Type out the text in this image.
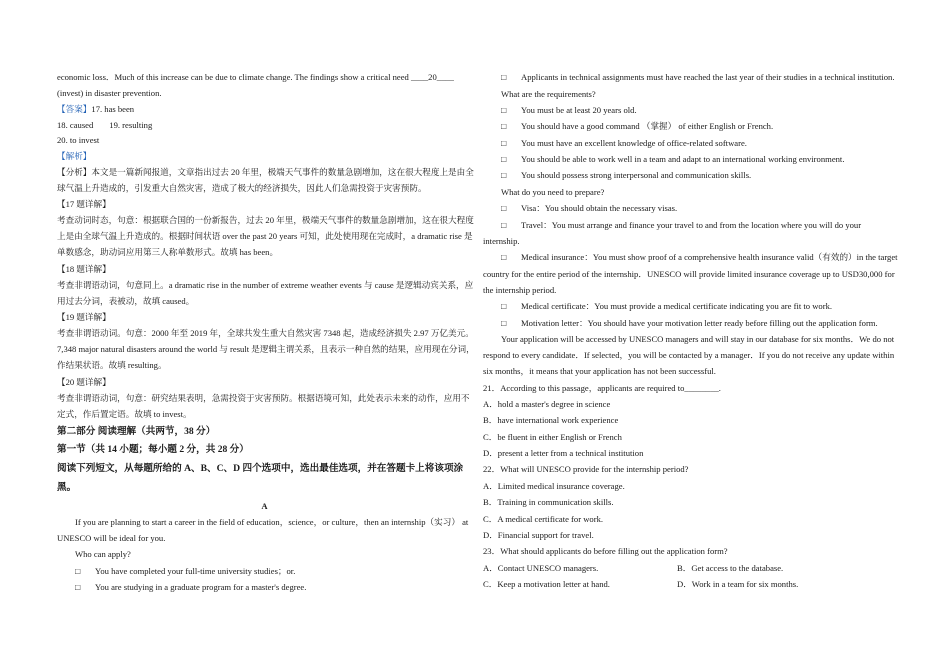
economic loss．Much of this increase can be due to climate change. The findings show a critical need ____20____
(invest) in disaster prevention.
【答案】17. has been
18. caused 19. resulting
20. to invest
【解析】
【分析】本文是一篇新闻报道，文章指出过去 20 年里，极端天气事件的数量急剧增加，这在很大程度上是由全
球气温上升造成的，引发重大自然灾害，造成了极大的经济损失，因此人们急需投资于灾害预防。
【17 题详解】
考查动词时态，句意：根据联合国的一份新报告，过去 20 年里，极端天气事件的数量急剧增加，这在很大程度
上是由全球气温上升造成的。根据时间状语 over the past 20 years 可知，此处使用现在完成时，a dramatic rise 是
单数感念，助动词应用第三人称单数形式。故填 has been。
【18 题详解】
考查非谓语动词，句意同上。a dramatic rise in the number of extreme weather events 与 cause 是逻辑动宾关系，应
用过去分词，表被动，故填 caused。
【19 题详解】
考查非谓语动词。句意：2000 年至 2019 年，全球共发生重大自然灾害 7348 起，造成经济损失 2.97 万亿美元。
7,348 major natural disasters around the world 与 result 是逻辑主谓关系，且表示一种自然的结果，应用现在分词，
作结果状语。故填 resulting。
【20 题详解】
考查非谓语动词，句意：研究结果表明，急需投资于灾害预防。根据语境可知，此处表示未来的动作，应用不
定式，作后置定语。故填 to invest。
第二部分 阅读理解（共两节，38 分）
第一节（共 14 小题；每小题 2 分，共 28 分）
阅读下列短文，从每题所给的 A、B、C、D 四个选项中，选出最佳选项，并在答题卡上将该项涂
黑。
A
If you are planning to start a career in the field of education，science，or culture，then an internship（实习） at
UNESCO will be ideal for you.
Who can apply?
□ You have completed your full-time university studies；or.
□ You are studying in a graduate program for a master's degree.
□ Applicants in technical assignments must have reached the last year of their studies in a technical institution.
What are the requirements?
□ You must be at least 20 years old.
□ You should have a good command （掌握） of either English or French.
□ You must have an excellent knowledge of office-related software.
□ You should be able to work well in a team and adapt to an international working environment.
□ You should possess strong interpersonal and communication skills.
What do you need to prepare?
□ Visa：You should obtain the necessary visas.
□ Travel：You must arrange and finance your travel to and from the location where you will do your
internship.
□ Medical insurance：You must show proof of a comprehensive health insurance valid（有效的）in the target
country for the entire period of the internship．UNESCO will provide limited insurance coverage up to USD30,000 for
the internship period.
□ Medical certificate：You must provide a medical certificate indicating you are fit to work.
□ Motivation letter：You should have your motivation letter ready before filling out the application form.
Your application will be accessed by UNESCO managers and will stay in our database for six months．We do not
respond to every candidate．If selected，you will be contacted by a manager．If you do not receive any update within
six months，it means that your application has not been successful.
21．According to this passage，applicants are required to________.
A．hold a master's degree in science
B．have international work experience
C．be fluent in either English or French
D．present a letter from a technical institution
22．What will UNESCO provide for the internship period?
A．Limited medical insurance coverage.
B．Training in communication skills.
C．A medical certificate for work.
D．Financial support for travel.
23．What should applicants do before filling out the application form?
A．Contact UNESCO managers.	B．Get access to the database.
C．Keep a motivation letter at hand.	D．Work in a team for six months.
